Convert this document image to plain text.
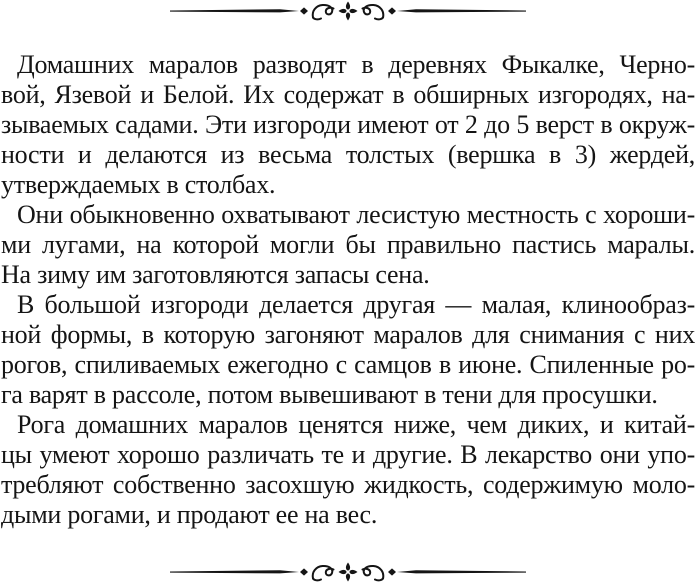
Домашних маралов разводят в деревнях Фыкалке, Черно-
вой, Язевой и Белой. Их содержат в обширных изгородях, на-
зываемых садами. Эти изгороди имеют от 2 до 5 верст в окруж-
ности и делаются из весьма толстых (вершка в 3) жердей,
утверждаемых в столбах.

Они обыкновенно охватывают лесистую местность с хороши-
ми лугами, на которой могли бы правильно пастись маралы.
На зиму им заготовляются запасы сена.

В большой изгороди делается другая — малая, клинообраз-
ной формы, в которую загоняют маралов для снимания с них
рогов, спиливаемых ежегодно с самцов в июне. Спиленные ро-
га варят в рассоле, потом вывешивают в тени для просушки.

Рога домашних маралов ценятся ниже, чем диких, и китай-
цы умеют хорошо различать те и другие. В лекарство они упо-
требляют собственно засохшую жидкость, содержимую моло-
дыми рогами, и продают ее на вес.
